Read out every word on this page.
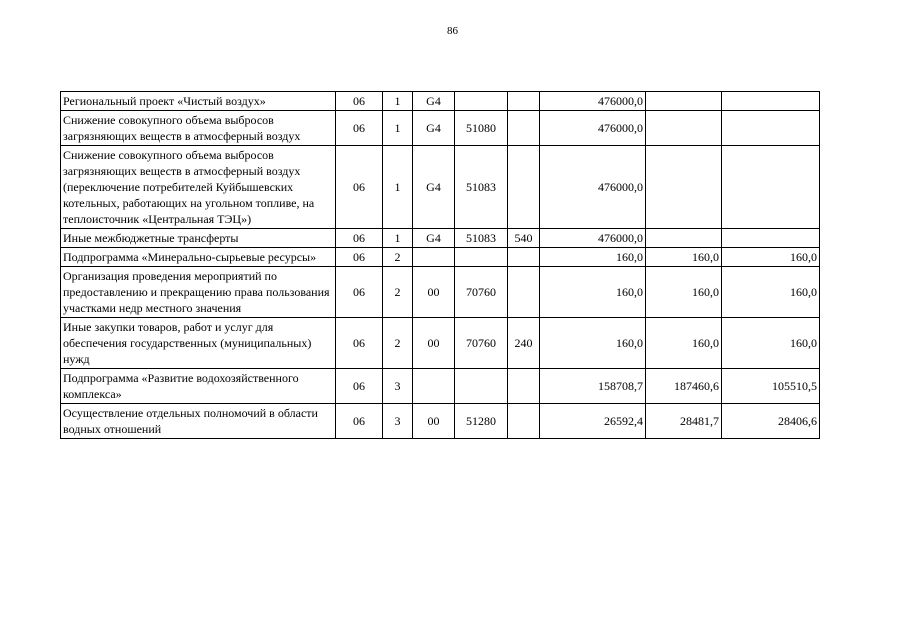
86
Региональный проект «Чистый воздух»	06	1	G4			476000,0		
Снижение совокупного объема выбросов загрязняющих веществ в атмосферный воздух	06	1	G4	51080		476000,0		
Снижение совокупного объема выбросов загрязняющих веществ в атмосферный воздух (переключение потребителей Куйбышевских котельных, работающих на угольном топливе, на теплоисточник «Центральная ТЭЦ»)	06	1	G4	51083		476000,0		
Иные межбюджетные трансферты	06	1	G4	51083	540	476000,0		
Подпрограмма «Минерально-сырьевые ресурсы»	06	2				160,0	160,0	160,0
Организация проведения мероприятий по предоставлению и прекращению права пользования участками недр местного значения	06	2	00	70760		160,0	160,0	160,0
Иные закупки товаров, работ и услуг для обеспечения государственных (муниципальных) нужд	06	2	00	70760	240	160,0	160,0	160,0
Подпрограмма «Развитие водохозяйственного комплекса»	06	3				158708,7	187460,6	105510,5
Осуществление отдельных полномочий в области водных отношений	06	3	00	51280		26592,4	28481,7	28406,6
